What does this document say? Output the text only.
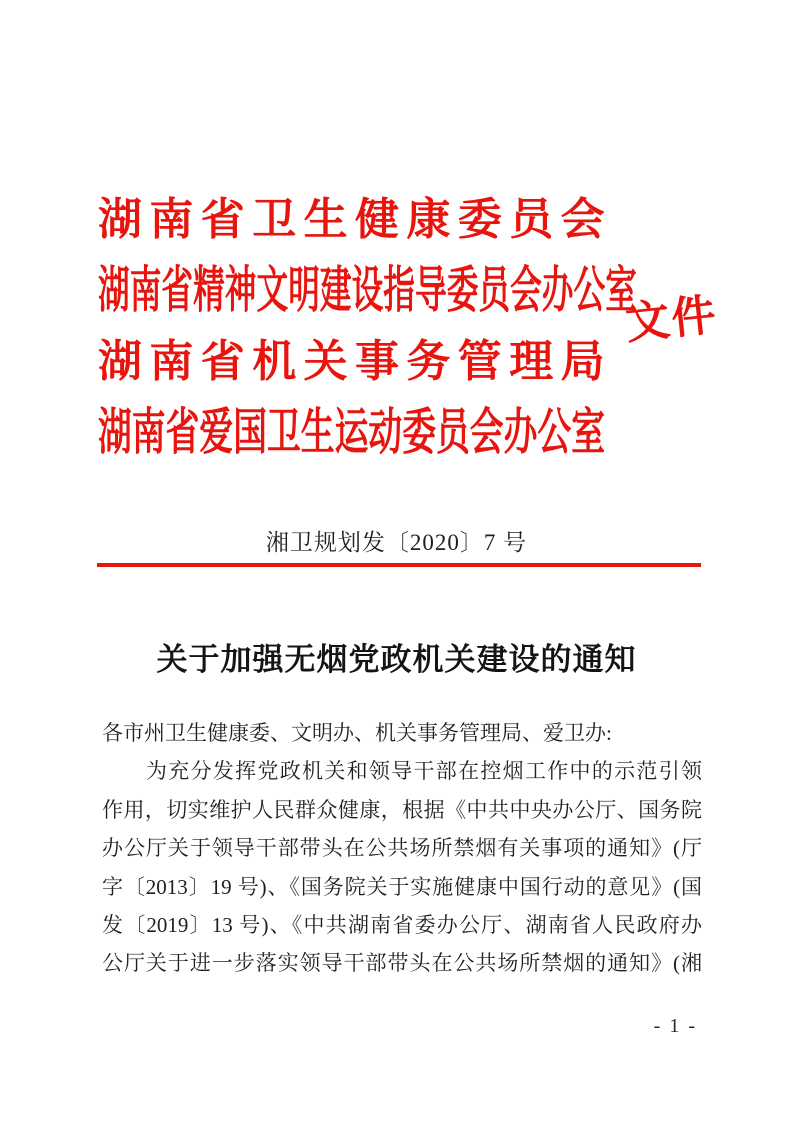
湖南省卫生健康委员会
湖南省精神文明建设指导委员会办公室
湖南省机关事务管理局
湖南省爱国卫生运动委员会办公室
文件
湘卫规划发〔2020〕7 号
关于加强无烟党政机关建设的通知
各市州卫生健康委、文明办、机关事务管理局、爱卫办:
为充分发挥党政机关和领导干部在控烟工作中的示范引领
作用，切实维护人民群众健康，根据《中共中央办公厅、国务院
办公厅关于领导干部带头在公共场所禁烟有关事项的通知》(厅
字〔2013〕19 号)、《国务院关于实施健康中国行动的意见》(国
发〔2019〕13 号)、《中共湖南省委办公厅、湖南省人民政府办
公厅关于进一步落实领导干部带头在公共场所禁烟的通知》(湘
- 1 -
